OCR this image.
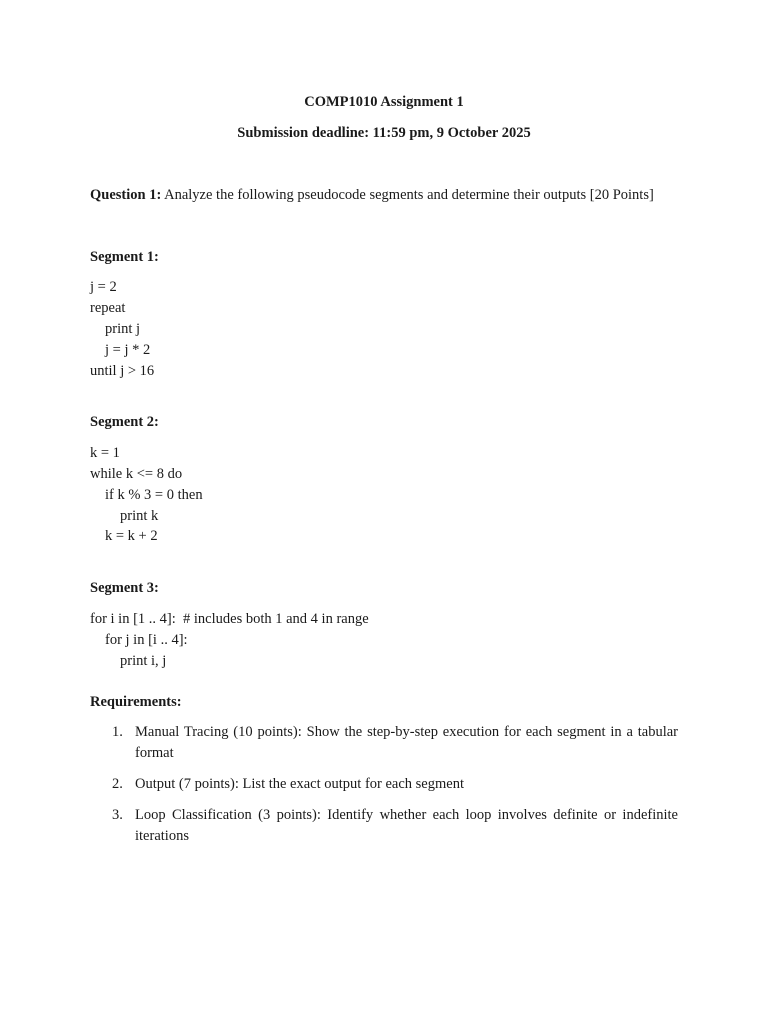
COMP1010 Assignment 1
Submission deadline: 11:59 pm, 9 October 2025
Question 1: Analyze the following pseudocode segments and determine their outputs [20 Points]
Segment 1:
j = 2
repeat
print j
j = j * 2
until j > 16
Segment 2:
k = 1
while k <= 8 do
if k % 3 = 0 then
print k
k = k + 2
Segment 3:
for i in [1 .. 4]:  # includes both 1 and 4 in range
for j in [i .. 4]:
print i, j
Requirements:
1. Manual Tracing (10 points): Show the step-by-step execution for each segment in a tabular format
2. Output (7 points): List the exact output for each segment
3. Loop Classification (3 points): Identify whether each loop involves definite or indefinite iterations
